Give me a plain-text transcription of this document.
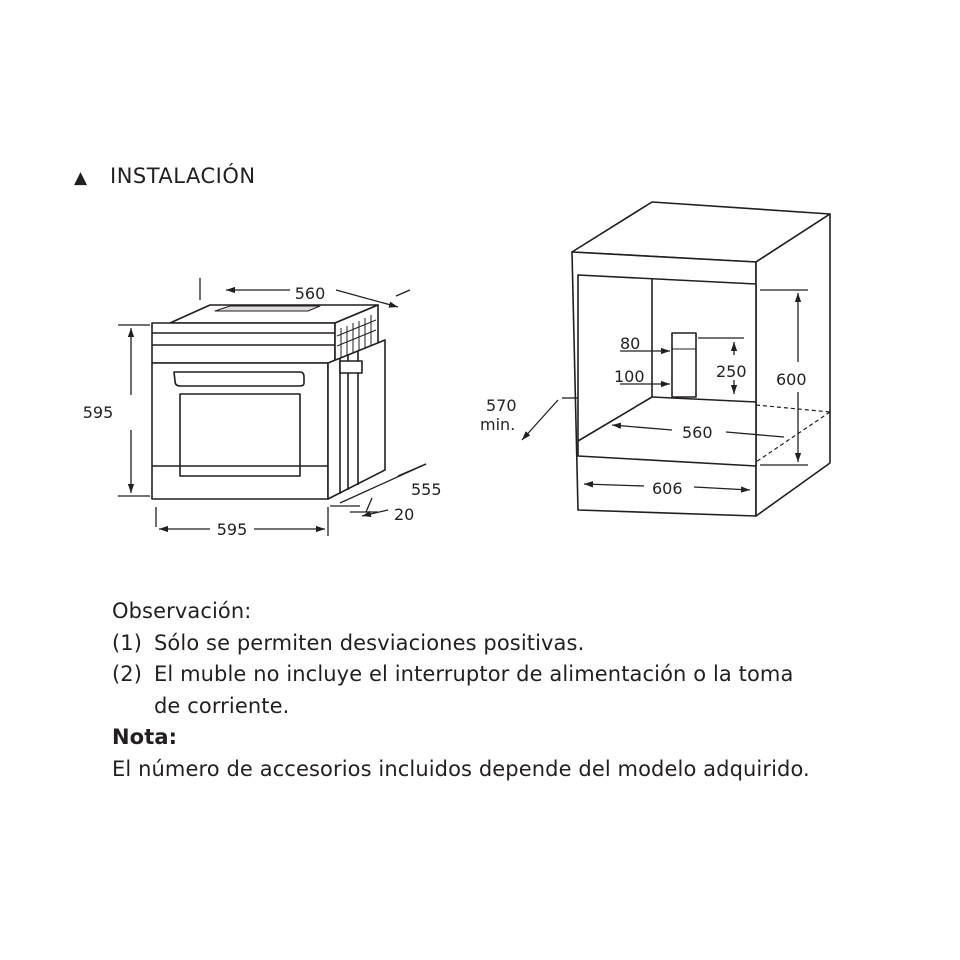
▲ INSTALACIÓN
560
595
595
555
20
80
100	250 600
570
min.	560
606

Observación:

(1) Sólo se permiten desviaciones positivas.

(2) El muble no incluye el interruptor de alimentación o la toma

de corriente.

Nota:

El número de accesorios incluidos depende del modelo adquirido.
